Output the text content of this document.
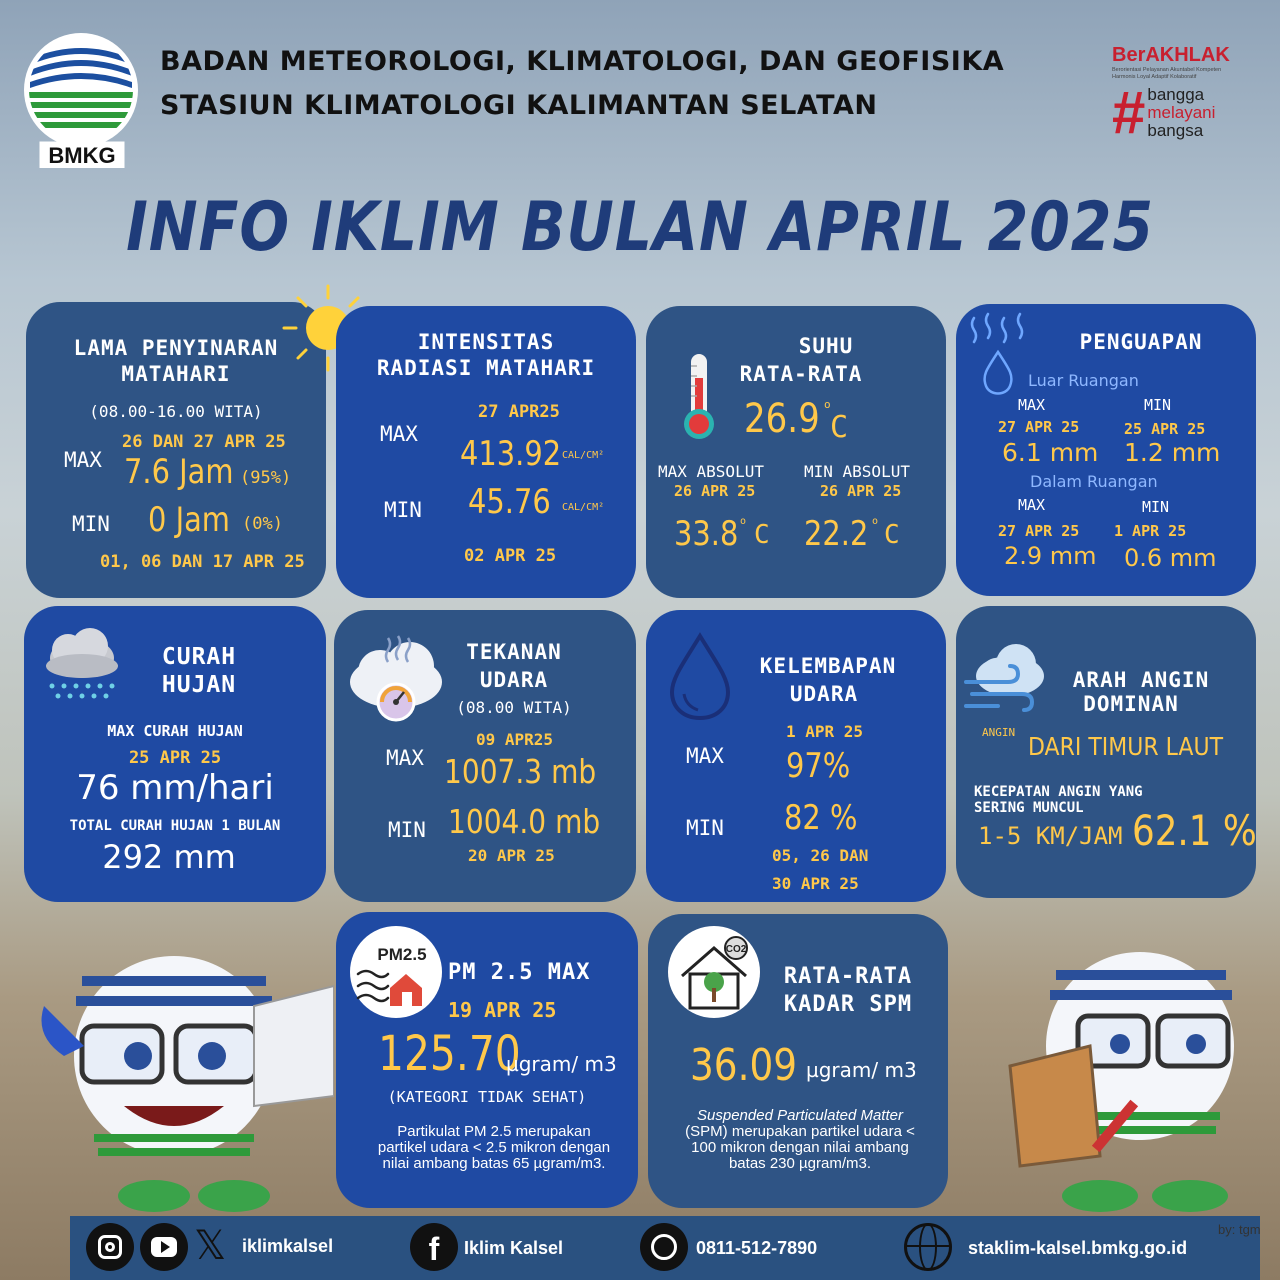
BMKG
BADAN METEOROLOGI, KLIMATOLOGI, DAN GEOFISIKA
STASIUN KLIMATOLOGI KALIMANTAN SELATAN
BerAKHLAK
Berorientasi Pelayanan Akuntabel Kompeten Harmonis Loyal Adaptif Kolaboratif
# bangga
melayani
bangsa
INFO IKLIM BULAN APRIL 2025
LAMA PENYINARAN
MATAHARI
(08.00-16.00 WITA)
MAX
26 DAN 27 APR 25
7.6 Jam (95%)
MIN 0 Jam (0%)
01, 06 DAN 17 APR 25
INTENSITAS
RADIASI MATAHARI
MAX
27 APR25
413.92 CAL/CM²
MIN 45.76 CAL/CM²
02 APR 25
SUHU
RATA-RATA
26.9 o
C
MAX ABSOLUT
26 APR 25
33.8 o C
MIN ABSOLUT
26 APR 25
22.2 o C
PENGUAPAN
Luar Ruangan
MAX	MIN
27 APR 25	25 APR 25
6.1 mm 1.2 mm
Dalam Ruangan
MAX	MIN
27 APR 25 1 APR 25
2.9 mm 0.6 mm
CURAH
HUJAN
MAX CURAH HUJAN
25 APR 25
76 mm/hari
TOTAL CURAH HUJAN 1 BULAN
292 mm
TEKANAN
UDARA
(08.00 WITA)
MAX
09 APR25
1007.3 mb
MIN 1004.0 mb
20 APR 25
KELEMBAPAN
UDARA
MAX
1 APR 25
97%
MIN 82 %
05, 26 DAN
30 APR 25
ANGIN
ARAH ANGIN
DOMINAN
DARI TIMUR LAUT
KECEPATAN ANGIN YANG
SERING MUNCUL
1-5 KM/JAM 62.1 %
PM2.5
PM 2.5 MAX
19 APR 25
125.70
µgram/ m3
(KATEGORI TIDAK SEHAT)
Partikulat PM 2.5 merupakan partikel udara < 2.5 mikron dengan nilai ambang batas 65 µgram/m3.
CO2
RATA-RATA
KADAR SPM
36.09 µgram/ m3
Suspended Particulated Matter
(SPM) merupakan partikel udara < 100 mikron dengan nilai ambang batas 230 µgram/m3.
𝕏 iklimkalsel	f	Iklim Kalsel	0811-512-7890	staklim-kalsel.bmkg.go.id
by: tgm
